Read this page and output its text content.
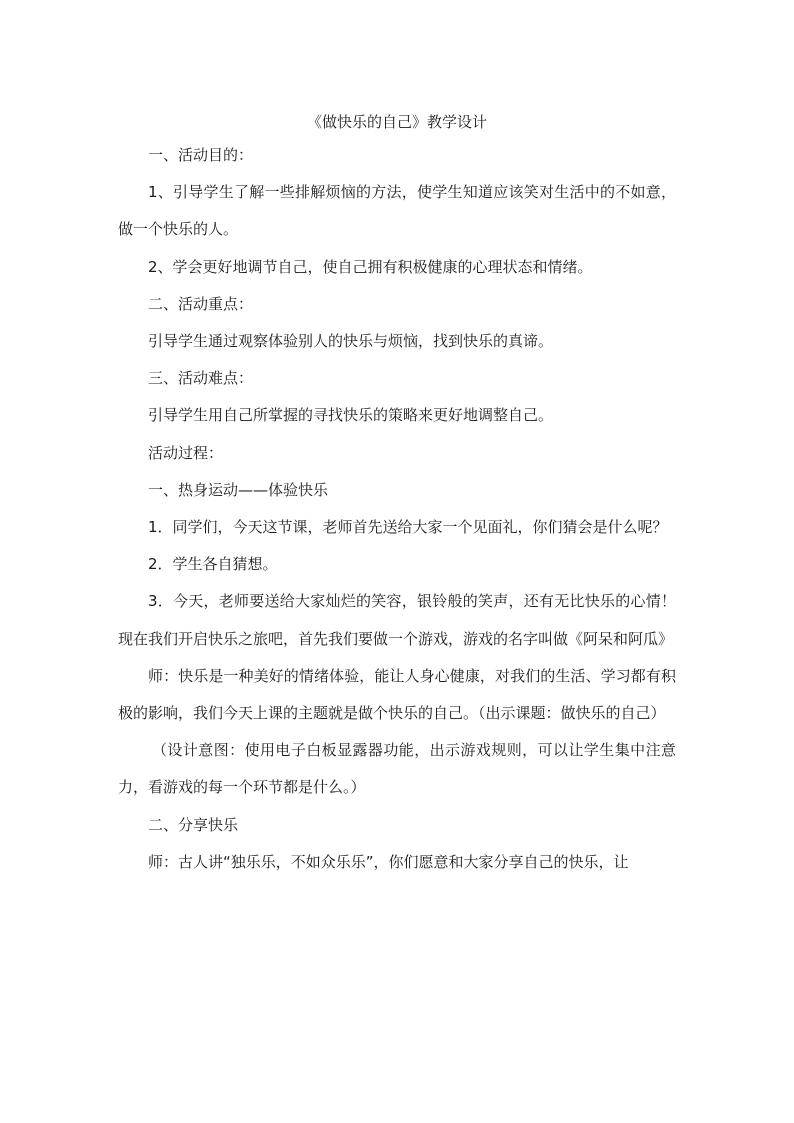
《做快乐的自己》教学设计

一、活动目的：

1、引导学生了解一些排解烦恼的方法，使学生知道应该笑对生活中的不如意，做一个快乐的人。

2、学会更好地调节自己，使自己拥有积极健康的心理状态和情绪。

二、活动重点：

引导学生通过观察体验别人的快乐与烦恼，找到快乐的真谛。

三、活动难点：

引导学生用自己所掌握的寻找快乐的策略来更好地调整自己。

活动过程：

一、热身运动——体验快乐

1．同学们，今天这节课，老师首先送给大家一个见面礼，你们猜会是什么呢？

2．学生各自猜想。

3．今天，老师要送给大家灿烂的笑容，银铃般的笑声，还有无比快乐的心情！现在我们开启快乐之旅吧，首先我们要做一个游戏，游戏的名字叫做《阿呆和阿瓜》

师：快乐是一种美好的情绪体验，能让人身心健康，对我们的生活、学习都有积极的影响，我们今天上课的主题就是做个快乐的自己。（出示课题：做快乐的自己）

（设计意图：使用电子白板显露器功能，出示游戏规则，可以让学生集中注意力，看游戏的每一个环节都是什么。）

二、分享快乐

师：古人讲“独乐乐，不如众乐乐”，你们愿意和大家分享自己的快乐，让
